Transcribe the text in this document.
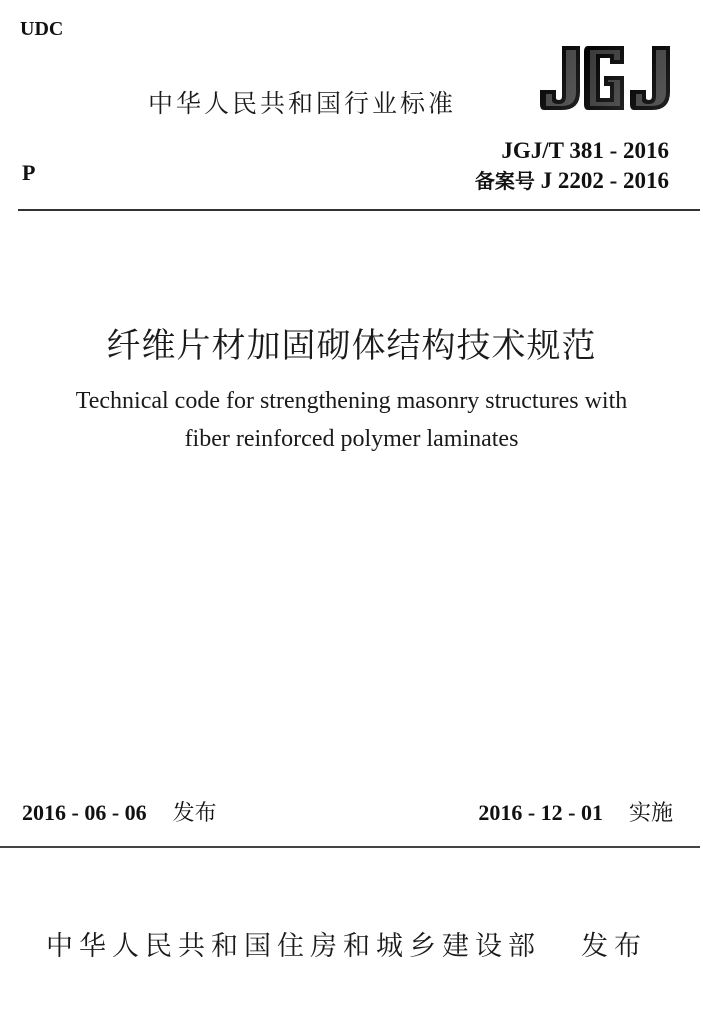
UDC
中华人民共和国行业标准
P
JGJ/T 381 - 2016
备案号 J 2202 - 2016
纤维片材加固砌体结构技术规范
Technical code for strengthening masonry structures with
fiber reinforced polymer laminates
2016 - 06 - 06 发布	2016 - 12 - 01 实施
中华人民共和国住房和城乡建设部 发布
